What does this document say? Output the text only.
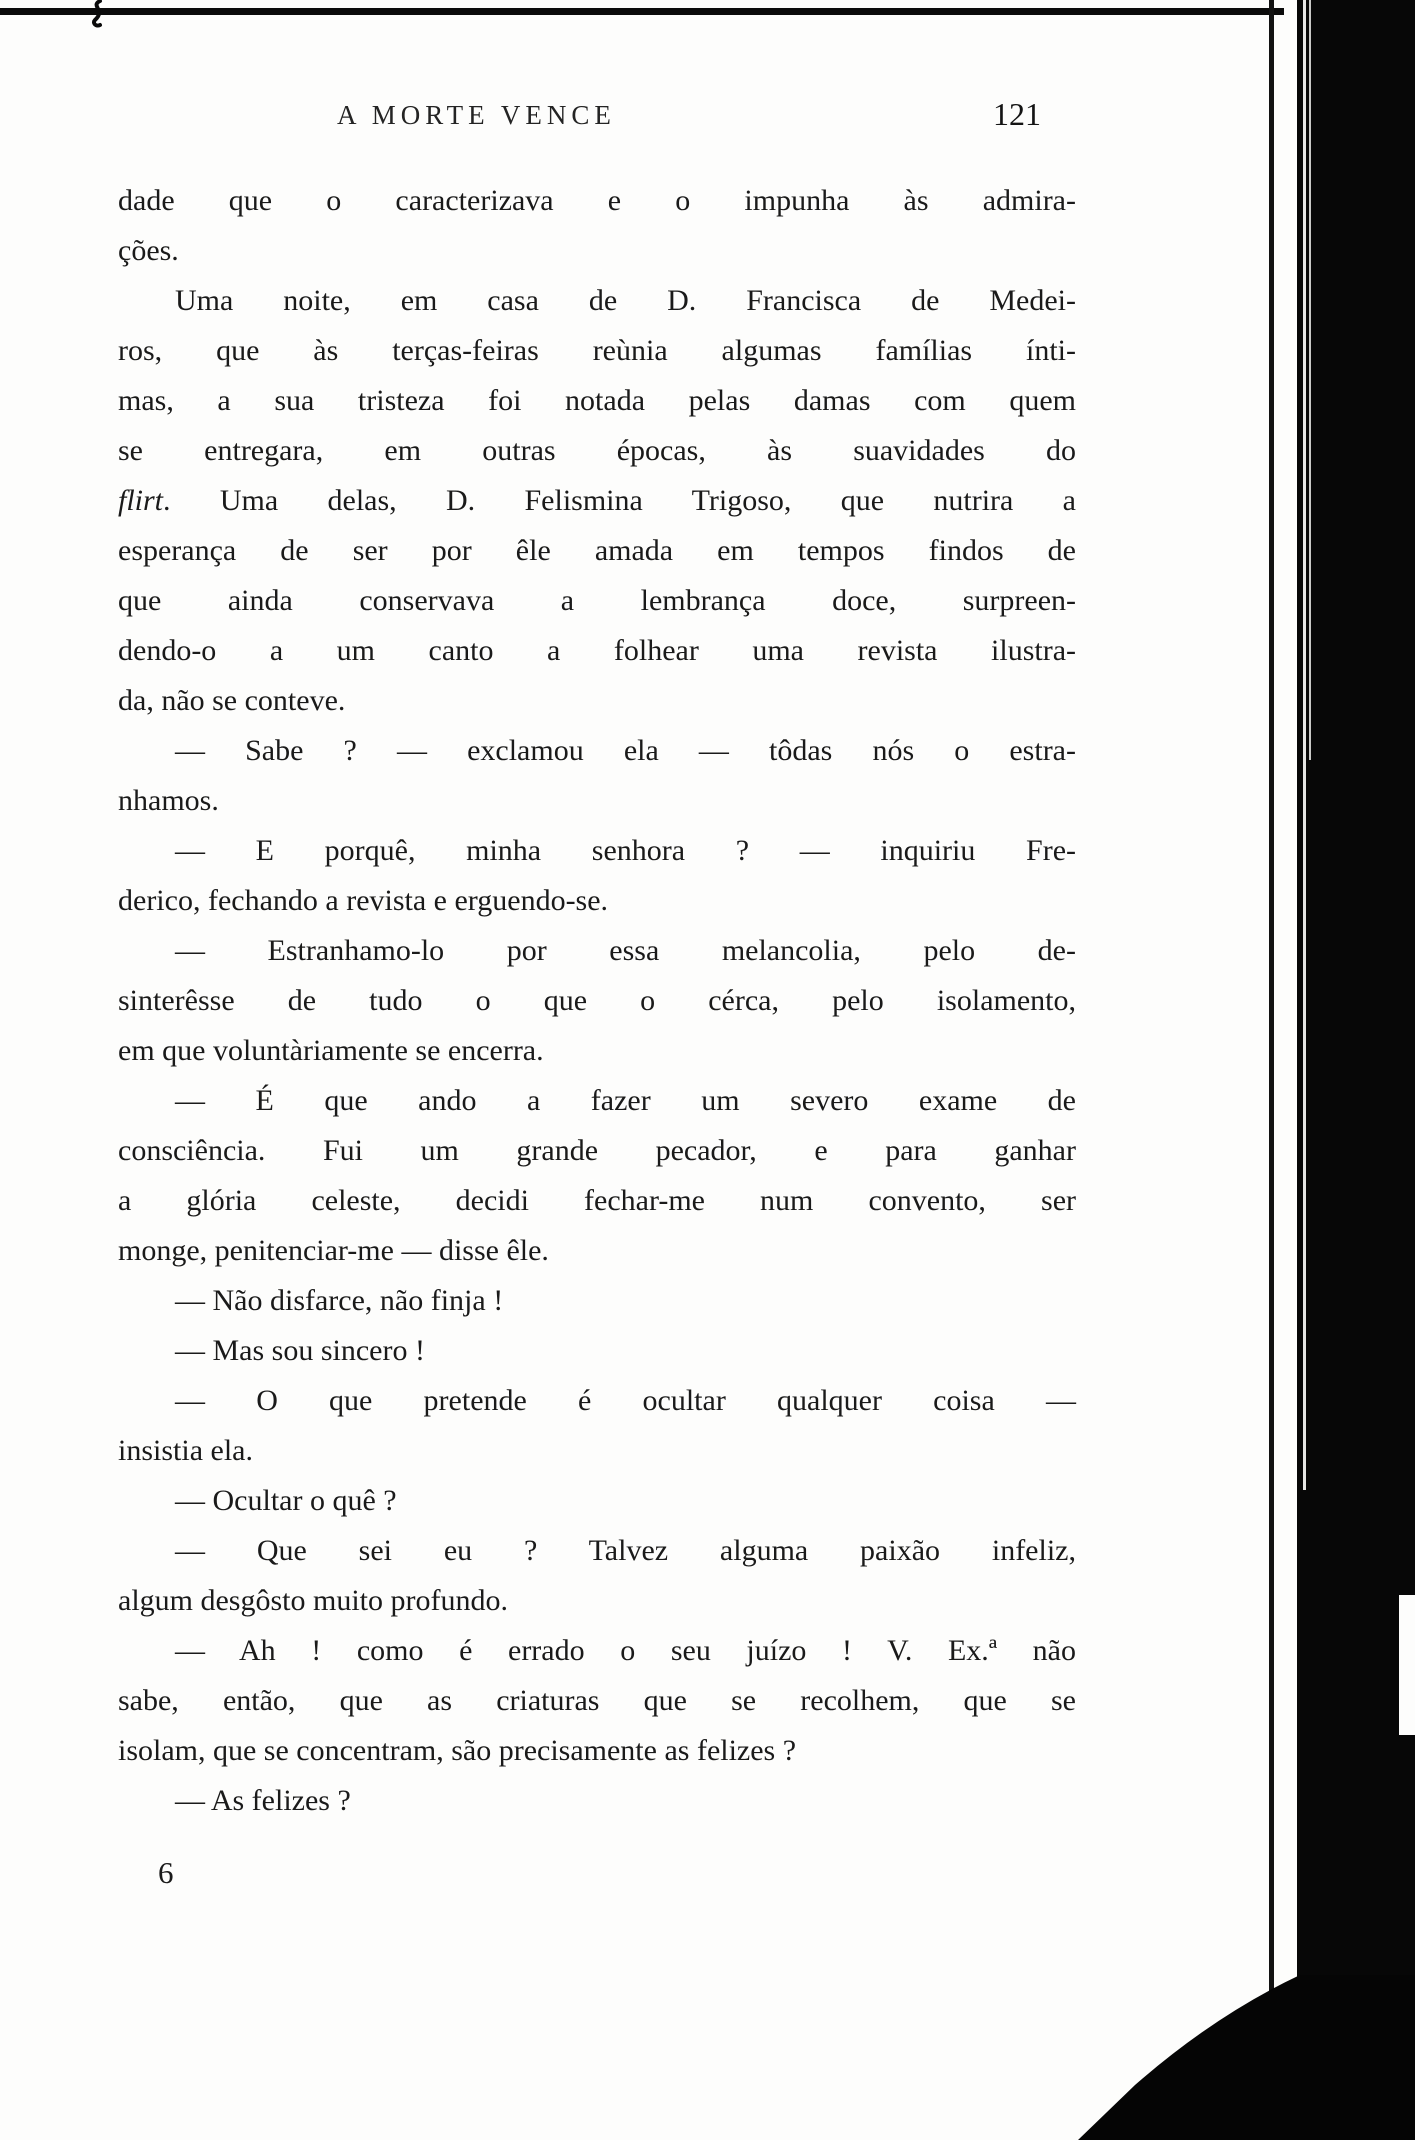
A MORTE VENCE	121
dade que o caracterizava e o impunha às admira-
ções.
Uma noite, em casa de D. Francisca de Medei-
ros, que às terças-feiras reùnia algumas famílias ínti-
mas, a sua tristeza foi notada pelas damas com quem
se entregara, em outras épocas, às suavidades do
flirt. Uma delas, D. Felismina Trigoso, que nutrira a
esperança de ser por êle amada em tempos findos de
que ainda conservava a lembrança doce, surpreen-
dendo-o a um canto a folhear uma revista ilustra-
da, não se conteve.
— Sabe ? — exclamou ela — tôdas nós o estra-
nhamos.
— E porquê, minha senhora ? — inquiriu Fre-
derico, fechando a revista e erguendo-se.
— Estranhamo-lo por essa melancolia, pelo de-
sinterêsse de tudo o que o cérca, pelo isolamento,
em que voluntàriamente se encerra.
— É que ando a fazer um severo exame de
consciência. Fui um grande pecador, e para ganhar
a glória celeste, decidi fechar-me num convento, ser
monge, penitenciar-me — disse êle.
— Não disfarce, não finja !
— Mas sou sincero !
— O que pretende é ocultar qualquer coisa —
insistia ela.
— Ocultar o quê ?
— Que sei eu ? Talvez alguma paixão infeliz,
algum desgôsto muito profundo.
— Ah ! como é errado o seu juízo ! V. Ex.ª não
sabe, então, que as criaturas que se recolhem, que se
isolam, que se concentram, são precisamente as felizes ?
— As felizes ?
6
